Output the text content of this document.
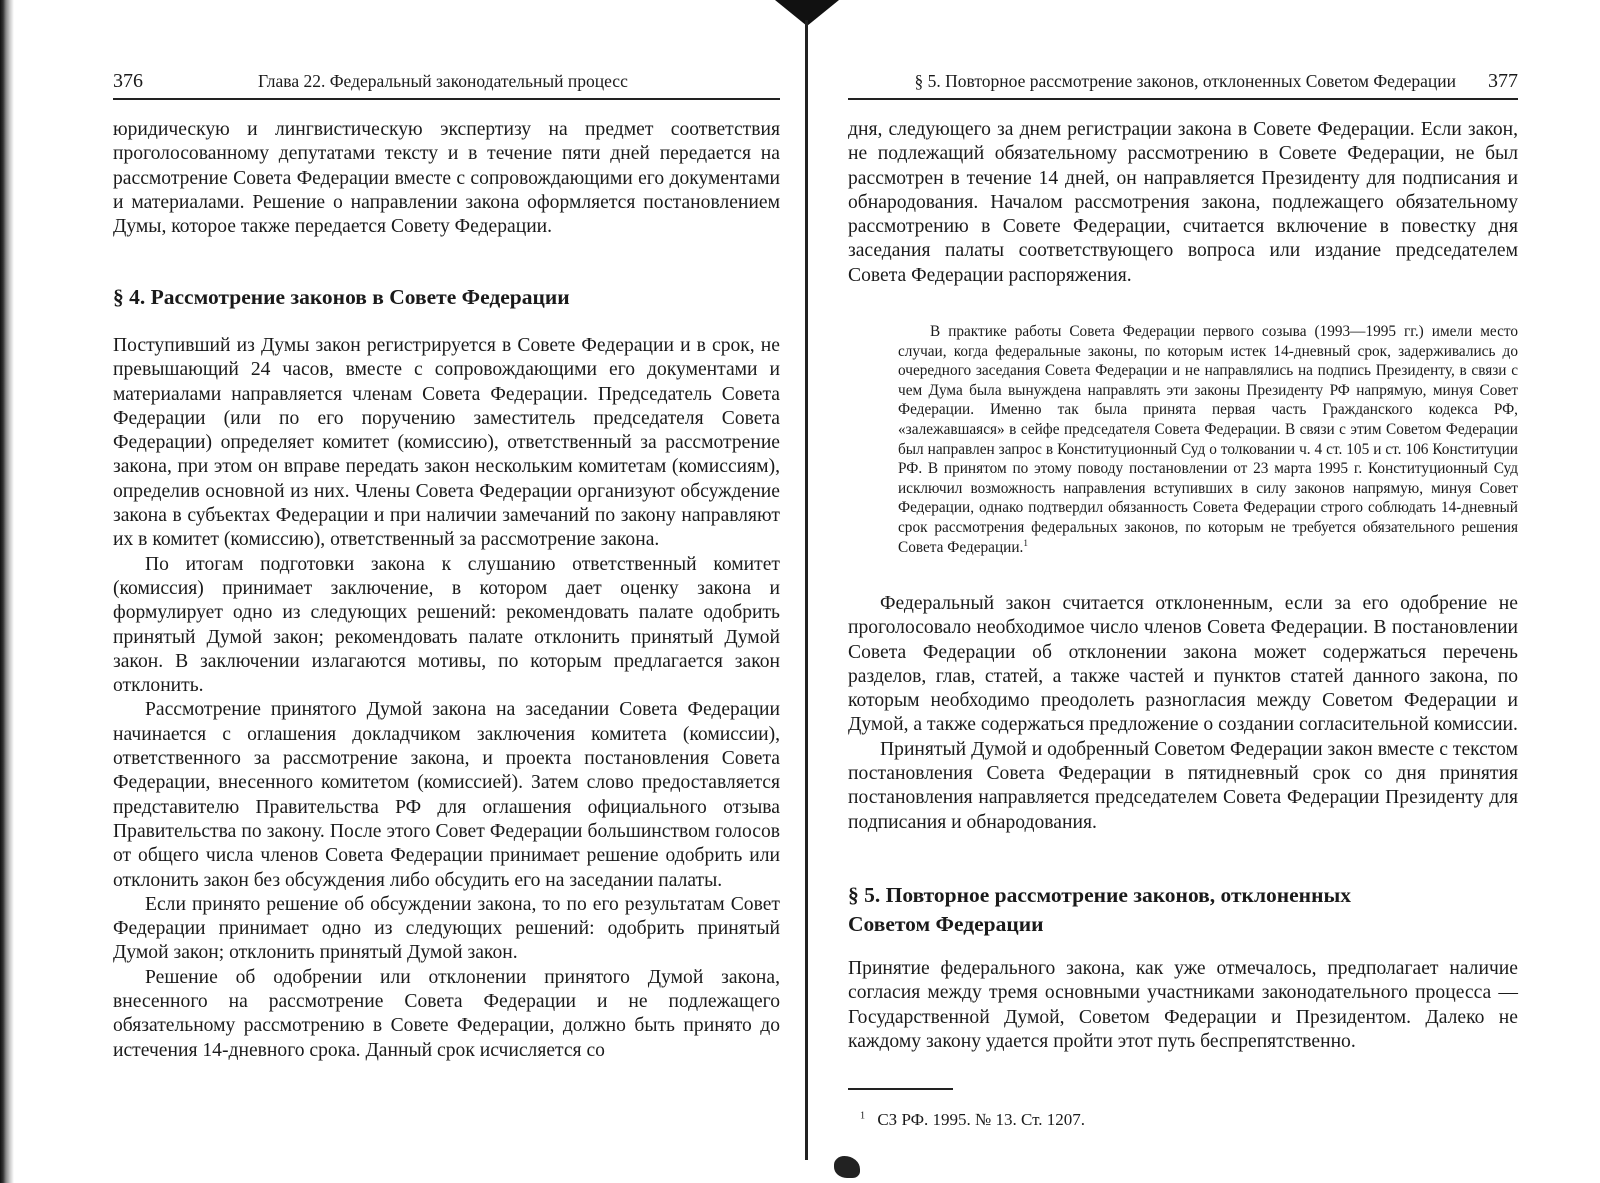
376	Глава 22. Федеральный законодательный процесс

юридическую и лингвистическую экспертизу на предмет соответствия проголосованному депутатами тексту и в течение пяти дней передается на рассмотрение Совета Федерации вместе с сопровождающими его документами и материалами. Решение о направлении закона оформляется постановлением Думы, которое также передается Совету Федерации.

§ 4. Рассмотрение законов в Совете Федерации

Поступивший из Думы закон регистрируется в Совете Федерации и в срок, не превышающий 24 часов, вместе с сопровождающими его документами и материалами направляется членам Совета Федерации. Председатель Совета Федерации (или по его поручению заместитель председателя Совета Федерации) определяет комитет (комиссию), ответственный за рассмотрение закона, при этом он вправе передать закон нескольким комитетам (комиссиям), определив основной из них. Члены Совета Федерации организуют обсуждение закона в субъектах Федерации и при наличии замечаний по закону направляют их в комитет (комиссию), ответственный за рассмотрение закона.

По итогам подготовки закона к слушанию ответственный комитет (комиссия) принимает заключение, в котором дает оценку закона и формулирует одно из следующих решений: рекомендовать палате одобрить принятый Думой закон; рекомендовать палате отклонить принятый Думой закон. В заключении излагаются мотивы, по которым предлагается закон отклонить.

Рассмотрение принятого Думой закона на заседании Совета Федерации начинается с оглашения докладчиком заключения комитета (комиссии), ответственного за рассмотрение закона, и проекта постановления Совета Федерации, внесенного комитетом (комиссией). Затем слово предоставляется представителю Правительства РФ для оглашения официального отзыва Правительства по закону. После этого Совет Федерации большинством голосов от общего числа членов Совета Федерации принимает решение одобрить или отклонить закон без обсуждения либо обсудить его на заседании палаты.

Если принято решение об обсуждении закона, то по его результатам Совет Федерации принимает одно из следующих решений: одобрить принятый Думой закон; отклонить принятый Думой закон.

Решение об одобрении или отклонении принятого Думой закона, внесенного на рассмотрение Совета Федерации и не подлежащего обязательному рассмотрению в Совете Федерации, должно быть принято до истечения 14-дневного срока. Данный срок исчисляется со

§ 5. Повторное рассмотрение законов, отклоненных Советом Федерации 377

дня, следующего за днем регистрации закона в Совете Федерации. Если закон, не подлежащий обязательному рассмотрению в Совете Федерации, не был рассмотрен в течение 14 дней, он направляется Президенту для подписания и обнародования. Началом рассмотрения закона, подлежащего обязательному рассмотрению в Совете Федерации, считается включение в повестку дня заседания палаты соответствующего вопроса или издание председателем Совета Федерации распоряжения.

В практике работы Совета Федерации первого созыва (1993—1995 гг.) имели место случаи, когда федеральные законы, по которым истек 14-дневный срок, задерживались до очередного заседания Совета Федерации и не направлялись на подпись Президенту, в связи с чем Дума была вынуждена направлять эти законы Президенту РФ напрямую, минуя Совет Федерации. Именно так была принята первая часть Гражданского кодекса РФ, «залежавшаяся» в сейфе председателя Совета Федерации. В связи с этим Советом Федерации был направлен запрос в Конституционный Суд о толковании ч. 4 ст. 105 и ст. 106 Конституции РФ. В принятом по этому поводу постановлении от 23 марта 1995 г. Конституционный Суд исключил возможность направления вступивших в силу законов напрямую, минуя Совет Федерации, однако подтвердил обязанность Совета Федерации строго соблюдать 14-дневный срок рассмотрения федеральных законов, по которым не требуется обязательного решения Совета Федерации.$^1$

Федеральный закон считается отклоненным, если за его одобрение не проголосовало необходимое число членов Совета Федерации. В постановлении Совета Федерации об отклонении закона может содержаться перечень разделов, глав, статей, а также частей и пунктов статей данного закона, по которым необходимо преодолеть разногласия между Советом Федерации и Думой, а также содержаться предложение о создании согласительной комиссии.

Принятый Думой и одобренный Советом Федерации закон вместе с текстом постановления Совета Федерации в пятидневный срок со дня принятия постановления направляется председателем Совета Федерации Президенту для подписания и обнародования.

§ 5. Повторное рассмотрение законов, отклоненных
Советом Федерации

Принятие федерального закона, как уже отмечалось, предполагает наличие согласия между тремя основными участниками законодательного процесса — Государственной Думой, Советом Федерации и Президентом. Далеко не каждому закону удается пройти этот путь беспрепятственно.

$^1$ СЗ РФ. 1995. № 13. Ст. 1207.
